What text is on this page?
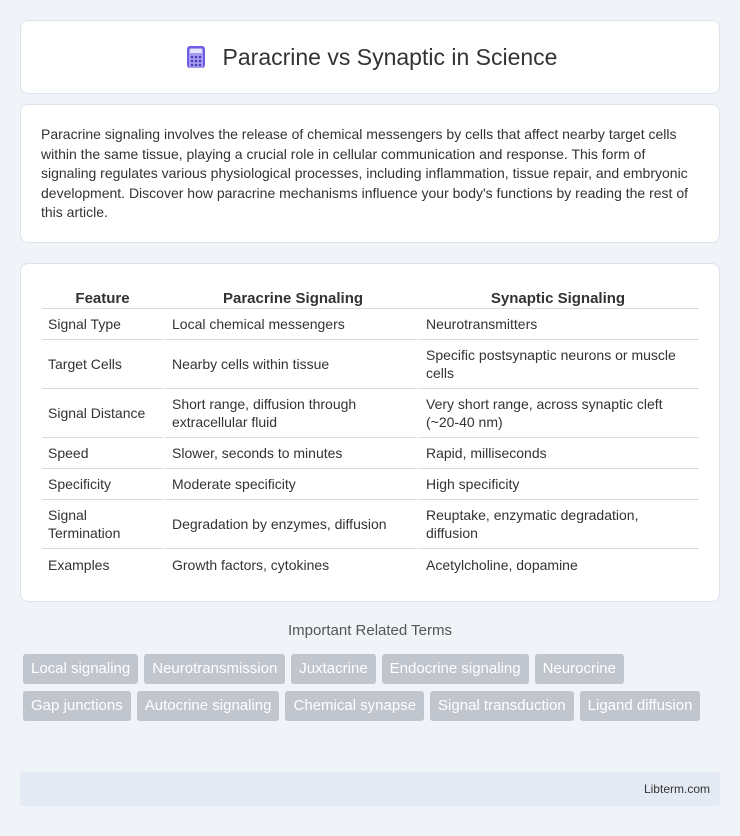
Paracrine vs Synaptic in Science

Paracrine signaling involves the release of chemical messengers by cells that affect nearby target cells within the same tissue, playing a crucial role in cellular communication and response. This form of signaling regulates various physiological processes, including inflammation, tissue repair, and embryonic development. Discover how paracrine mechanisms influence your body's functions by reading the rest of this article.

Feature	Paracrine Signaling	Synaptic Signaling
Signal Type	Local chemical messengers	Neurotransmitters
Target Cells	Nearby cells within tissue	Specific postsynaptic neurons or muscle cells
Signal Distance	Short range, diffusion through extracellular fluid	Very short range, across synaptic cleft (~20-40 nm)
Speed	Slower, seconds to minutes	Rapid, milliseconds
Specificity	Moderate specificity	High specificity
Signal Termination	Degradation by enzymes, diffusion	Reuptake, enzymatic degradation, diffusion
Examples	Growth factors, cytokines	Acetylcholine, dopamine
Important Related Terms
Local signaling	Neurotransmission	Juxtacrine	Endocrine signaling	Neurocrine
Gap junctions	Autocrine signaling	Chemical synapse	Signal transduction	Ligand diffusion
Libterm.com
